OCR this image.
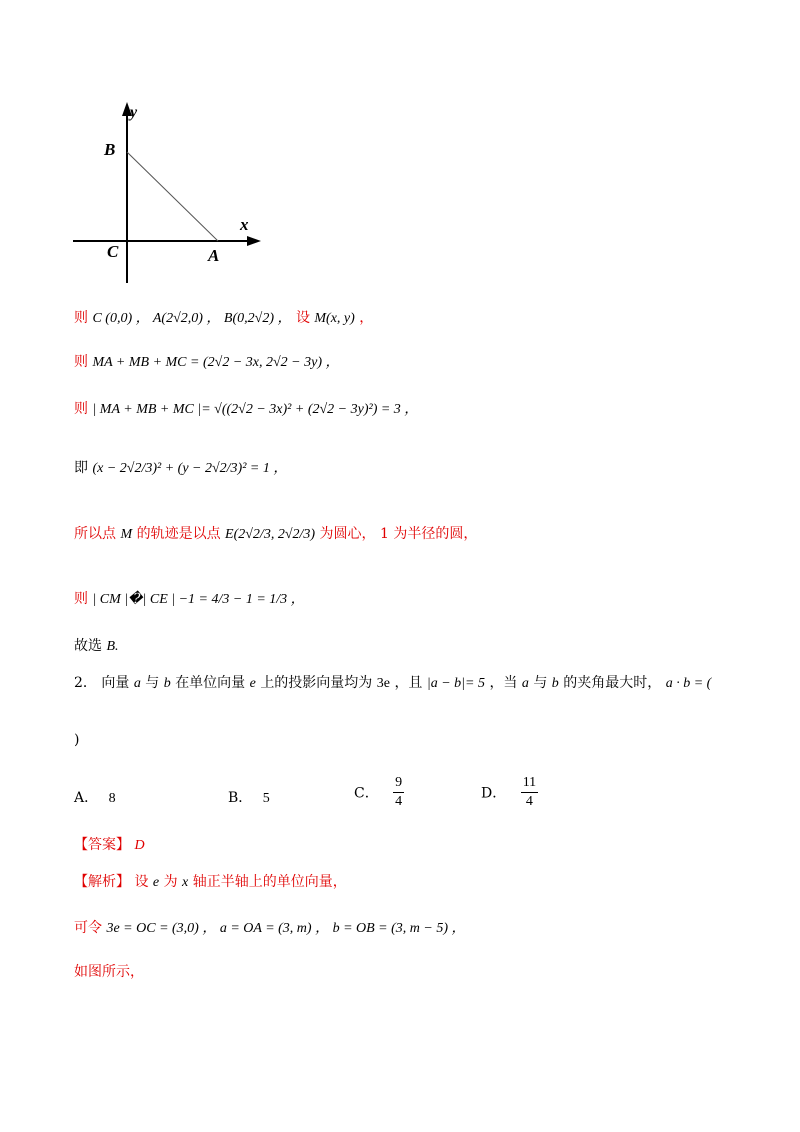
y
B
x
C	A
则 C (0,0) ， A(2√2,0) ， B(0,2√2) ， 设 M(x, y) ，
则 MA + MB + MC = (2√2 − 3x, 2√2 − 3y) ，
则 | MA + MB + MC |= √((2√2 − 3x)² + (2√2 − 3y)²) = 3 ，
即 (x − 2√2/3)² + (y − 2√2/3)² = 1 ，
所以点 M 的轨迹是以点 E(2√2/3, 2√2/3) 为圆心， 1 为半径的圆，
则 | CM |�| CE | −1 = 4/3 − 1 = 1/3 ，
故选 B.
2． 向量 a 与 b 在单位向量 e 上的投影向量均为 3e ，且 |a − b|= 5 ，当 a 与 b 的夹角最大时， a · b = (
)
A． 8	B． 5	C． $\frac{9}{4}$	D． $\frac{11}{4}$
【答案】 D
【解析】 设 e 为 x 轴正半轴上的单位向量，
可令 3e = OC = (3,0) ， a = OA = (3, m) ， b = OB = (3, m − 5) ，
如图所示，
